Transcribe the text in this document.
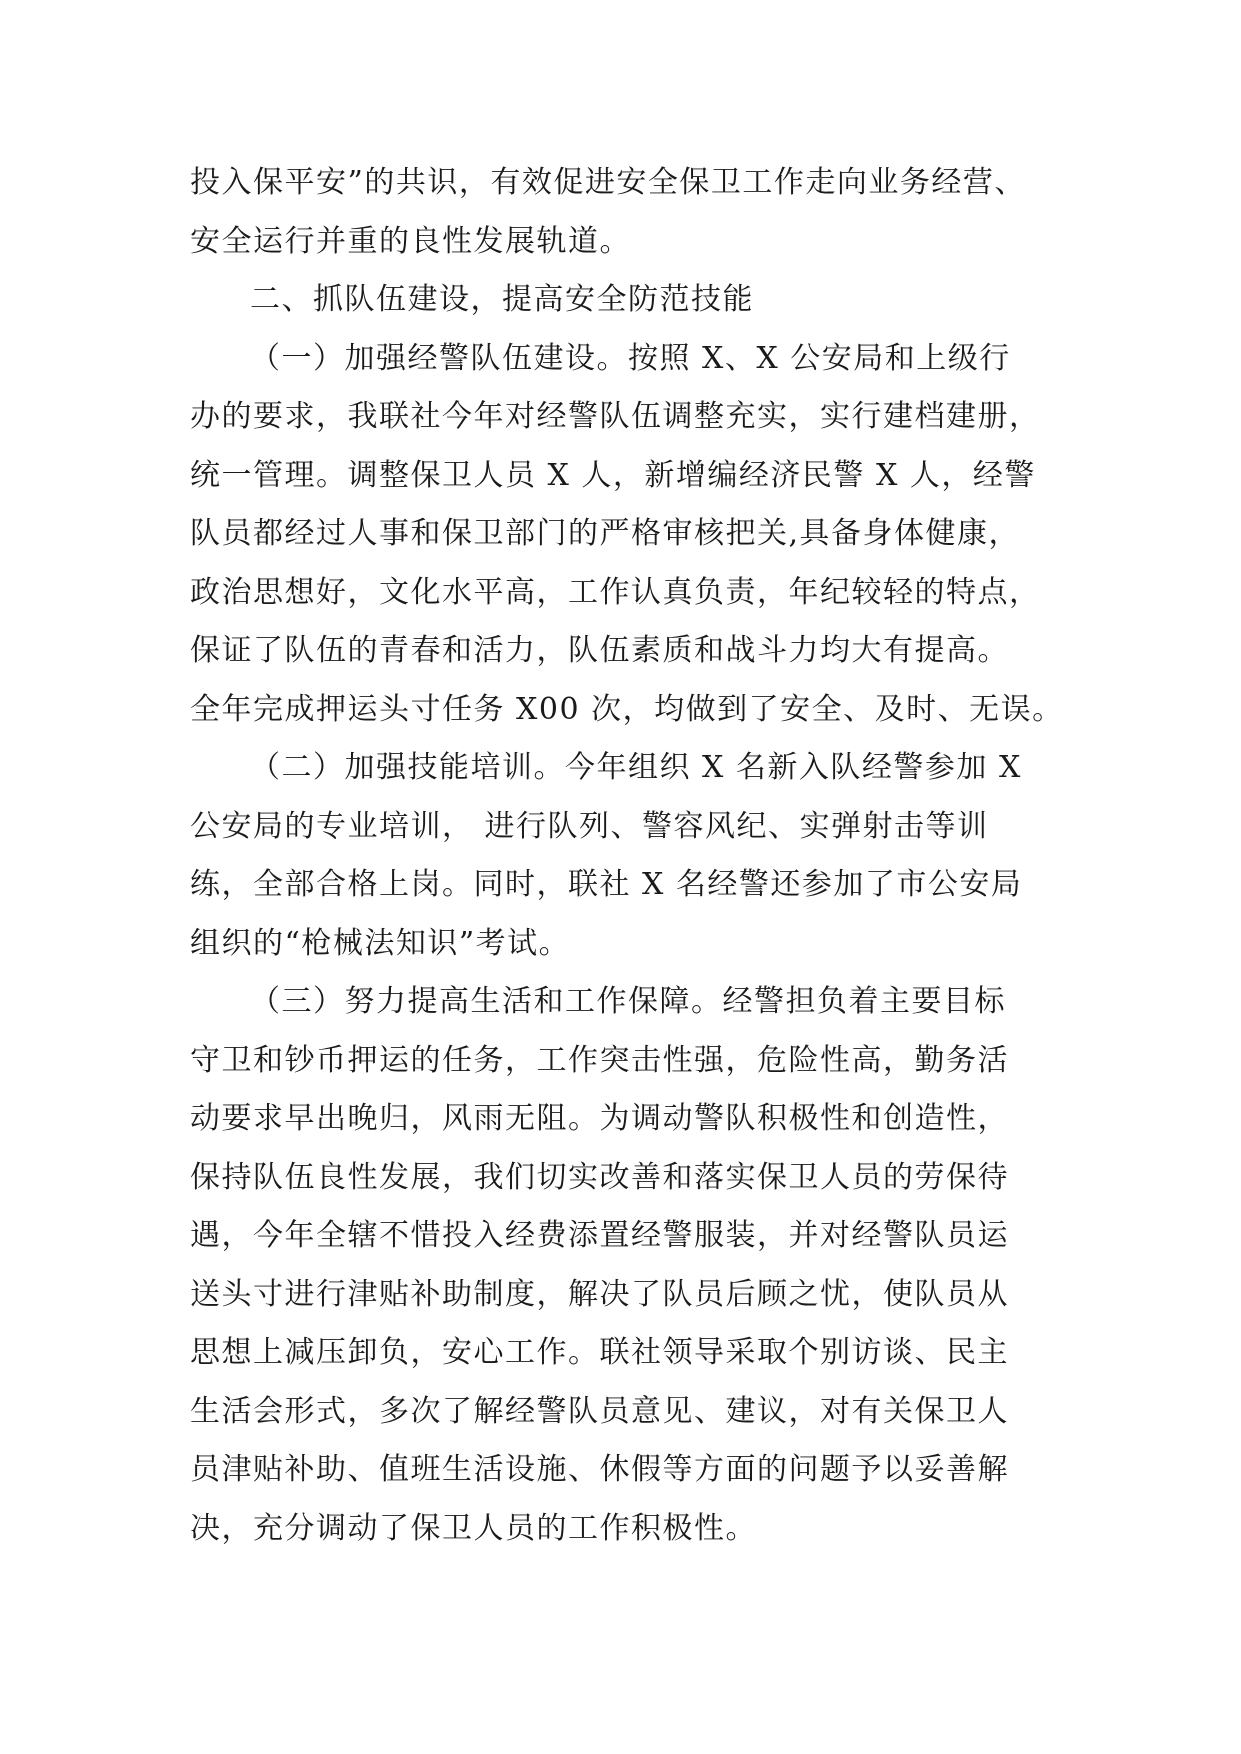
投入保平安”的共识，有效促进安全保卫工作走向业务经营、
安全运行并重的良性发展轨道。
二、抓队伍建设，提高安全防范技能
（一）加强经警队伍建设。按照 X、X 公安局和上级行
办的要求，我联社今年对经警队伍调整充实，实行建档建册，
统一管理。调整保卫人员 X 人，新增编经济民警 X 人，经警
队员都经过人事和保卫部门的严格审核把关,具备身体健康，
政治思想好，文化水平高，工作认真负责，年纪较轻的特点，
保证了队伍的青春和活力，队伍素质和战斗力均大有提高。
全年完成押运头寸任务 X00 次，均做到了安全、及时、无误。
（二）加强技能培训。今年组织 X 名新入队经警参加 X
公安局的专业培训， 进行队列、警容风纪、实弹射击等训
练，全部合格上岗。同时，联社 X 名经警还参加了市公安局
组织的“枪械法知识”考试。
（三）努力提高生活和工作保障。经警担负着主要目标
守卫和钞币押运的任务，工作突击性强，危险性高，勤务活
动要求早出晚归，风雨无阻。为调动警队积极性和创造性，
保持队伍良性发展，我们切实改善和落实保卫人员的劳保待
遇，今年全辖不惜投入经费添置经警服装，并对经警队员运
送头寸进行津贴补助制度，解决了队员后顾之忧，使队员从
思想上减压卸负，安心工作。联社领导采取个别访谈、民主
生活会形式，多次了解经警队员意见、建议，对有关保卫人
员津贴补助、值班生活设施、休假等方面的问题予以妥善解
决，充分调动了保卫人员的工作积极性。
